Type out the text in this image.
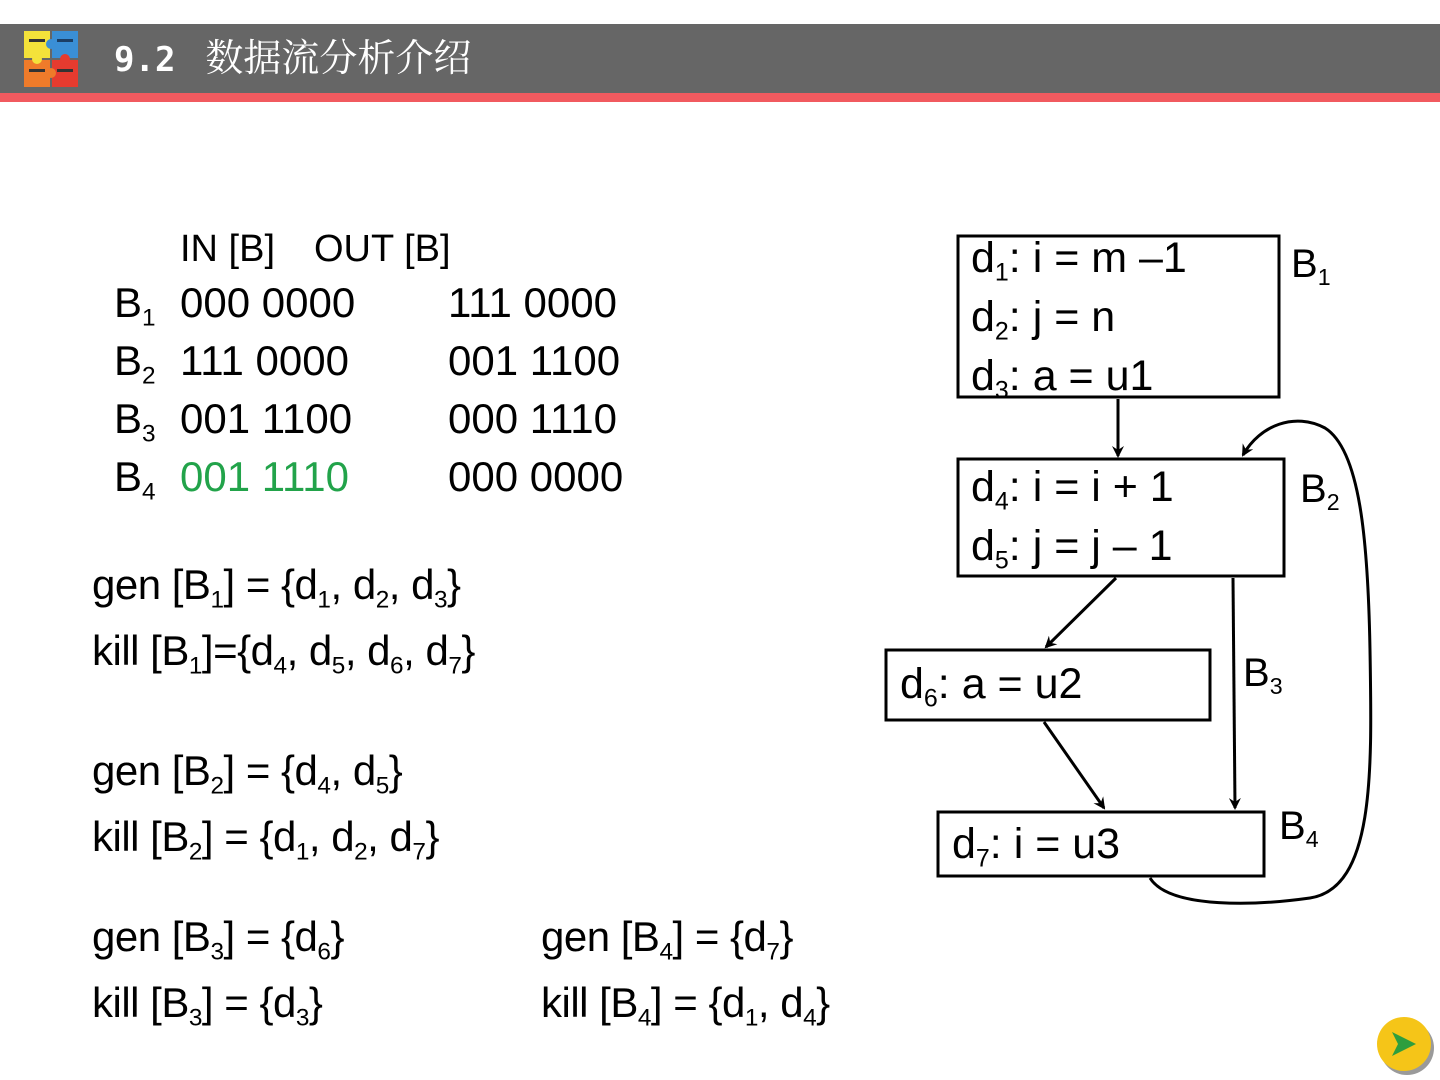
9.2 数据流分析介绍
IN [B] OUT [B]
$B_1$ 000 0000 111 0000
$B_2$ 111 0000 001 1100
$B_3$ 001 1100 000 1110
$B_4$ 001 1110 000 0000
gen $[B_1] = \{d_1$, $d_2$, $d_3$}
kill $[B_1]=\{d_4$, $d_5$, $d_6$, $d_7$}
gen $[B_2] = \{d_4$, $d_5$}
kill $[B_2] = \{d_1$, $d_2$, $d_7$}
gen $[B_3] = \{d_6\}$
kill $[B_3] = \{d_3\}$
gen $[B_4] = \{d_7\}$
kill $[B_4] = \{d_1$, $d_4$}
$d_1$: i = m –1
$d_2$: j = n
$d_3$: a = u1
$d_4$: i = i + 1
$d_5$: j = j – 1
$d_6$: a = u2
$d_7$: i = u3
$B_1$
$B_2$
$B_3$
$B_4$
